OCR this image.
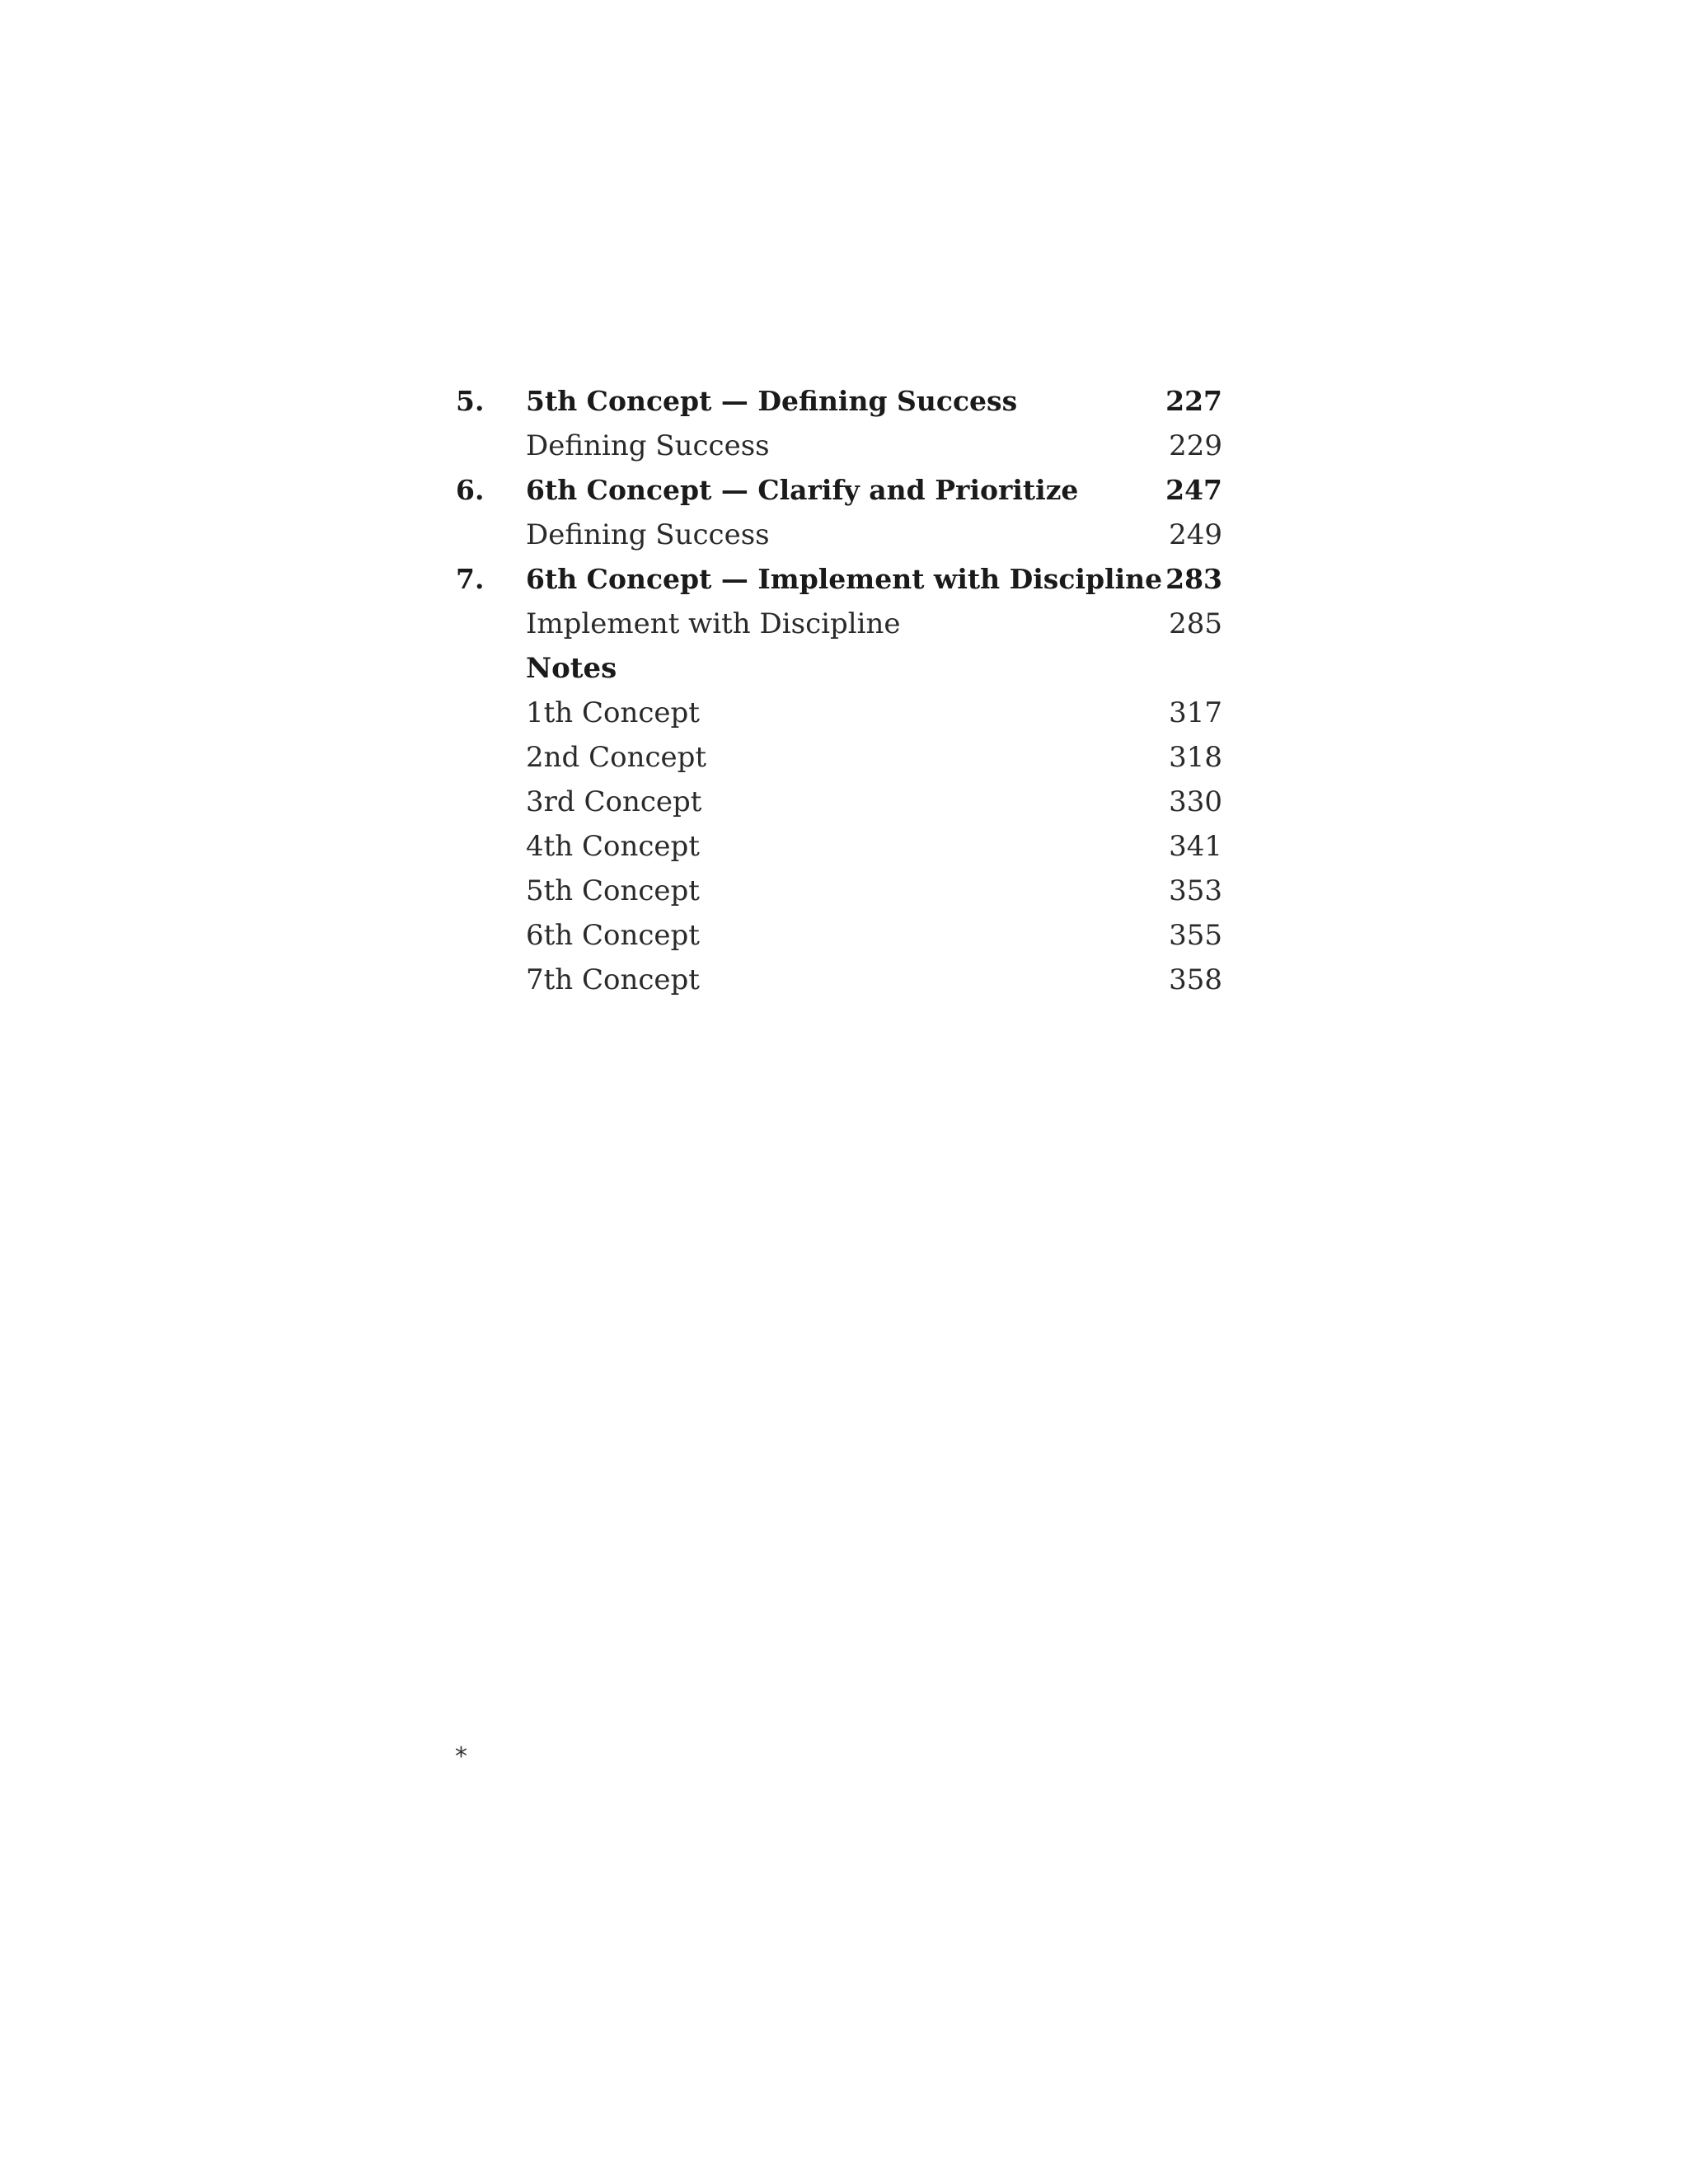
5.	5th Concept — Defining Success	227
Defining Success	229
6.	6th Concept — Clarify and Prioritize	247
Defining Success	249
7.	6th Concept — Implement with Discipline 283
Implement with Discipline	285
Notes
1th Concept	317
2nd Concept	318
3rd Concept	330
4th Concept	341
5th Concept	353
6th Concept	355
7th Concept	358
*
